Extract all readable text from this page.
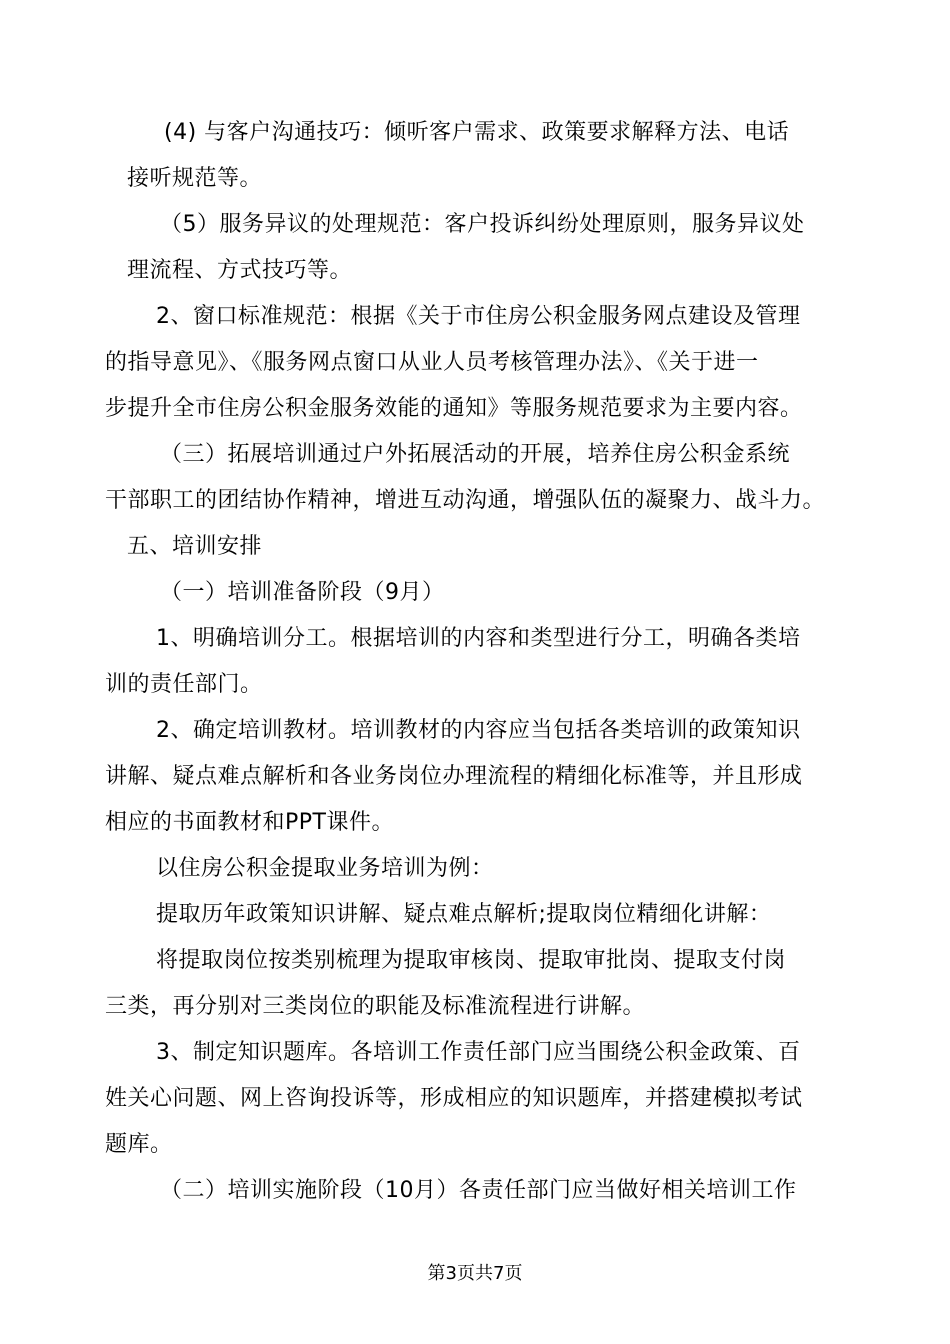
(4) 与客户沟通技巧：倾听客户需求、政策要求解释方法、电话
接听规范等。
（5）服务异议的处理规范：客户投诉纠纷处理原则，服务异议处
理流程、方式技巧等。
2、窗口标准规范：根据《关于市住房公积金服务网点建设及管理
的指导意见》、《服务网点窗口从业人员考核管理办法》、《关于进一
步提升全市住房公积金服务效能的通知》等服务规范要求为主要内容。
（三）拓展培训通过户外拓展活动的开展，培养住房公积金系统
干部职工的团结协作精神，增进互动沟通，增强队伍的凝聚力、战斗力。
五、培训安排
（一）培训准备阶段（9月）
1、明确培训分工。根据培训的内容和类型进行分工，明确各类培
训的责任部门。
2、确定培训教材。培训教材的内容应当包括各类培训的政策知识
讲解、疑点难点解析和各业务岗位办理流程的精细化标准等，并且形成
相应的书面教材和PPT课件。
以住房公积金提取业务培训为例：
提取历年政策知识讲解、疑点难点解析;提取岗位精细化讲解：
将提取岗位按类别梳理为提取审核岗、提取审批岗、提取支付岗
三类，再分别对三类岗位的职能及标准流程进行讲解。
3、制定知识题库。各培训工作责任部门应当围绕公积金政策、百
姓关心问题、网上咨询投诉等，形成相应的知识题库，并搭建模拟考试
题库。
（二）培训实施阶段（10月）各责任部门应当做好相关培训工作
第3页共7页
